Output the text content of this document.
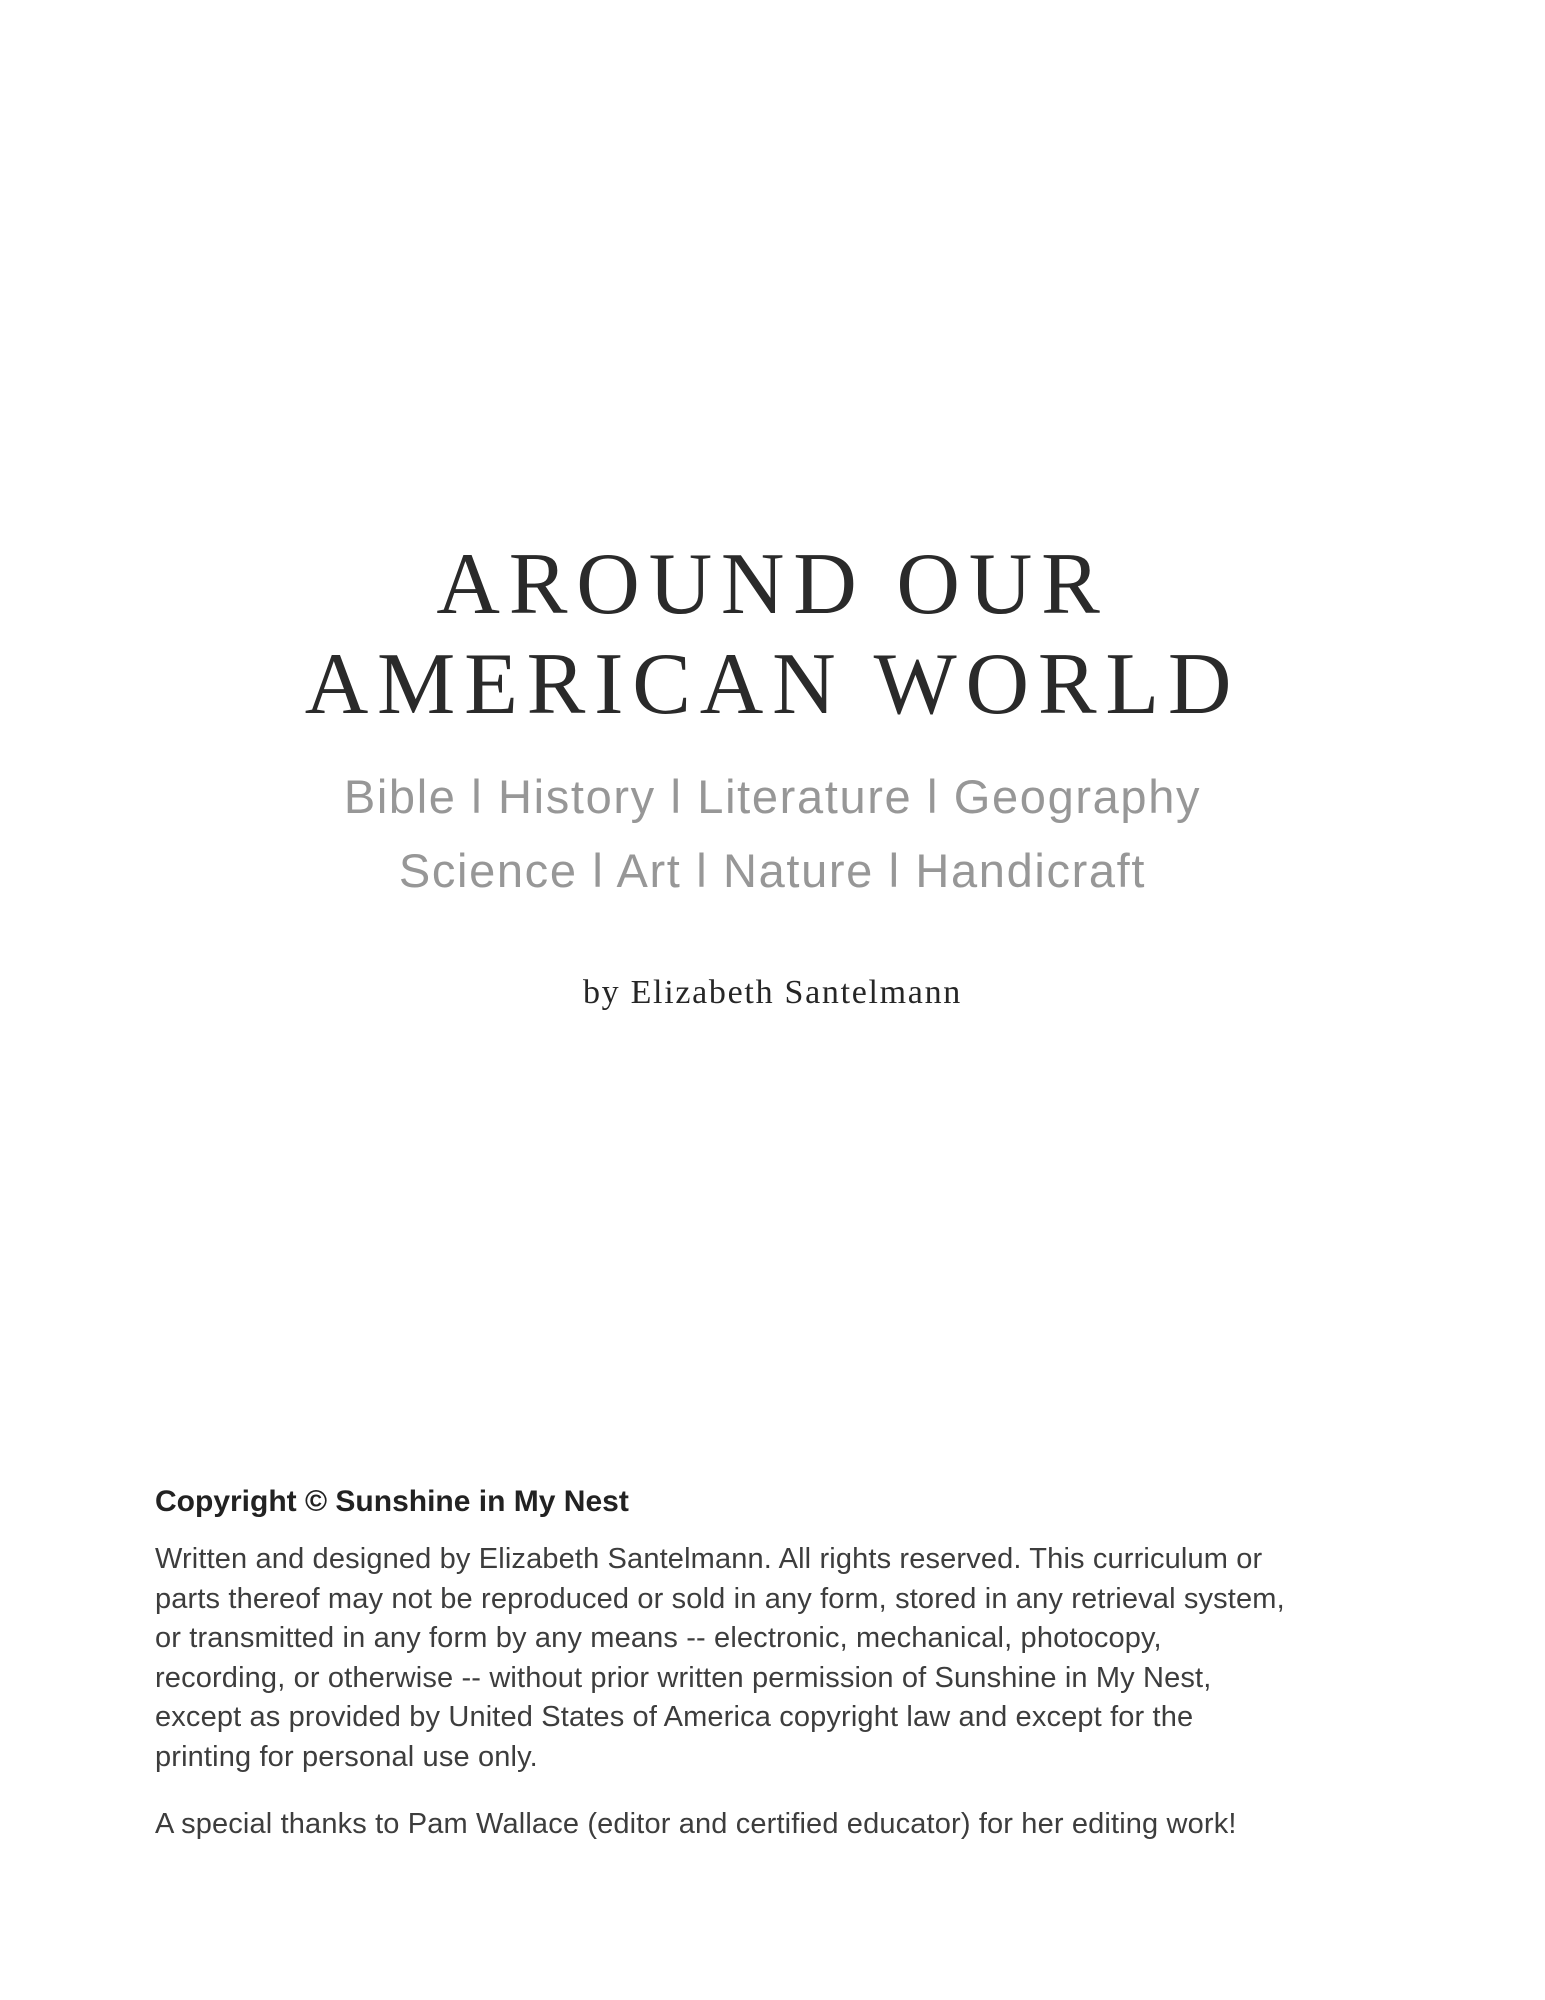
AROUND OUR
AMERICAN WORLD
Bible l History l Literature l Geography
Science l Art l Nature l Handicraft
by Elizabeth Santelmann
Copyright © Sunshine in My Nest
Written and designed by Elizabeth Santelmann. All rights reserved. This curriculum or
parts thereof may not be reproduced or sold in any form, stored in any retrieval system,
or transmitted in any form by any means -- electronic, mechanical, photocopy,
recording, or otherwise -- without prior written permission of Sunshine in My Nest,
except as provided by United States of America copyright law and except for the
printing for personal use only.
A special thanks to Pam Wallace (editor and certified educator) for her editing work!
